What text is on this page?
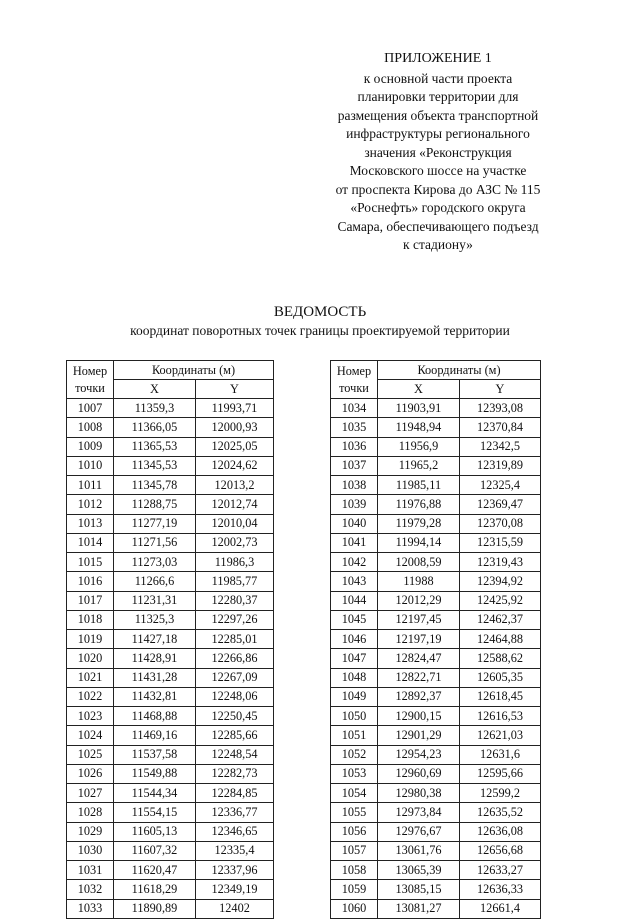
ПРИЛОЖЕНИЕ 1
к основной части проекта
планировки территории для
размещения объекта транспортной
инфраструктуры регионального
значения «Реконструкция
Московского шоссе на участке
от проспекта Кирова до АЗС № 115
«Роснефть» городского округа
Самара, обеспечивающего подъезд
к стадиону»
ВЕДОМОСТЬ
координат поворотных точек границы проектируемой территории
Номер
точки	Координаты (м)	
	X	Y
1007	11359,3	11993,71
1008	11366,05	12000,93
1009	11365,53	12025,05
1010	11345,53	12024,62
1011	11345,78	12013,2
1012	11288,75	12012,74
1013	11277,19	12010,04
1014	11271,56	12002,73
1015	11273,03	11986,3
1016	11266,6	11985,77
1017	11231,31	12280,37
1018	11325,3	12297,26
1019	11427,18	12285,01
1020	11428,91	12266,86
1021	11431,28	12267,09
1022	11432,81	12248,06
1023	11468,88	12250,45
1024	11469,16	12285,66
1025	11537,58	12248,54
1026	11549,88	12282,73
1027	11544,34	12284,85
1028	11554,15	12336,77
1029	11605,13	12346,65
1030	11607,32	12335,4
1031	11620,47	12337,96
1032	11618,29	12349,19
1033	11890,89	12402
Номер
точки	Координаты (м)	
	X	Y
1034	11903,91	12393,08
1035	11948,94	12370,84
1036	11956,9	12342,5
1037	11965,2	12319,89
1038	11985,11	12325,4
1039	11976,88	12369,47
1040	11979,28	12370,08
1041	11994,14	12315,59
1042	12008,59	12319,43
1043	11988	12394,92
1044	12012,29	12425,92
1045	12197,45	12462,37
1046	12197,19	12464,88
1047	12824,47	12588,62
1048	12822,71	12605,35
1049	12892,37	12618,45
1050	12900,15	12616,53
1051	12901,29	12621,03
1052	12954,23	12631,6
1053	12960,69	12595,66
1054	12980,38	12599,2
1055	12973,84	12635,52
1056	12976,67	12636,08
1057	13061,76	12656,68
1058	13065,39	12633,27
1059	13085,15	12636,33
1060	13081,27	12661,4
